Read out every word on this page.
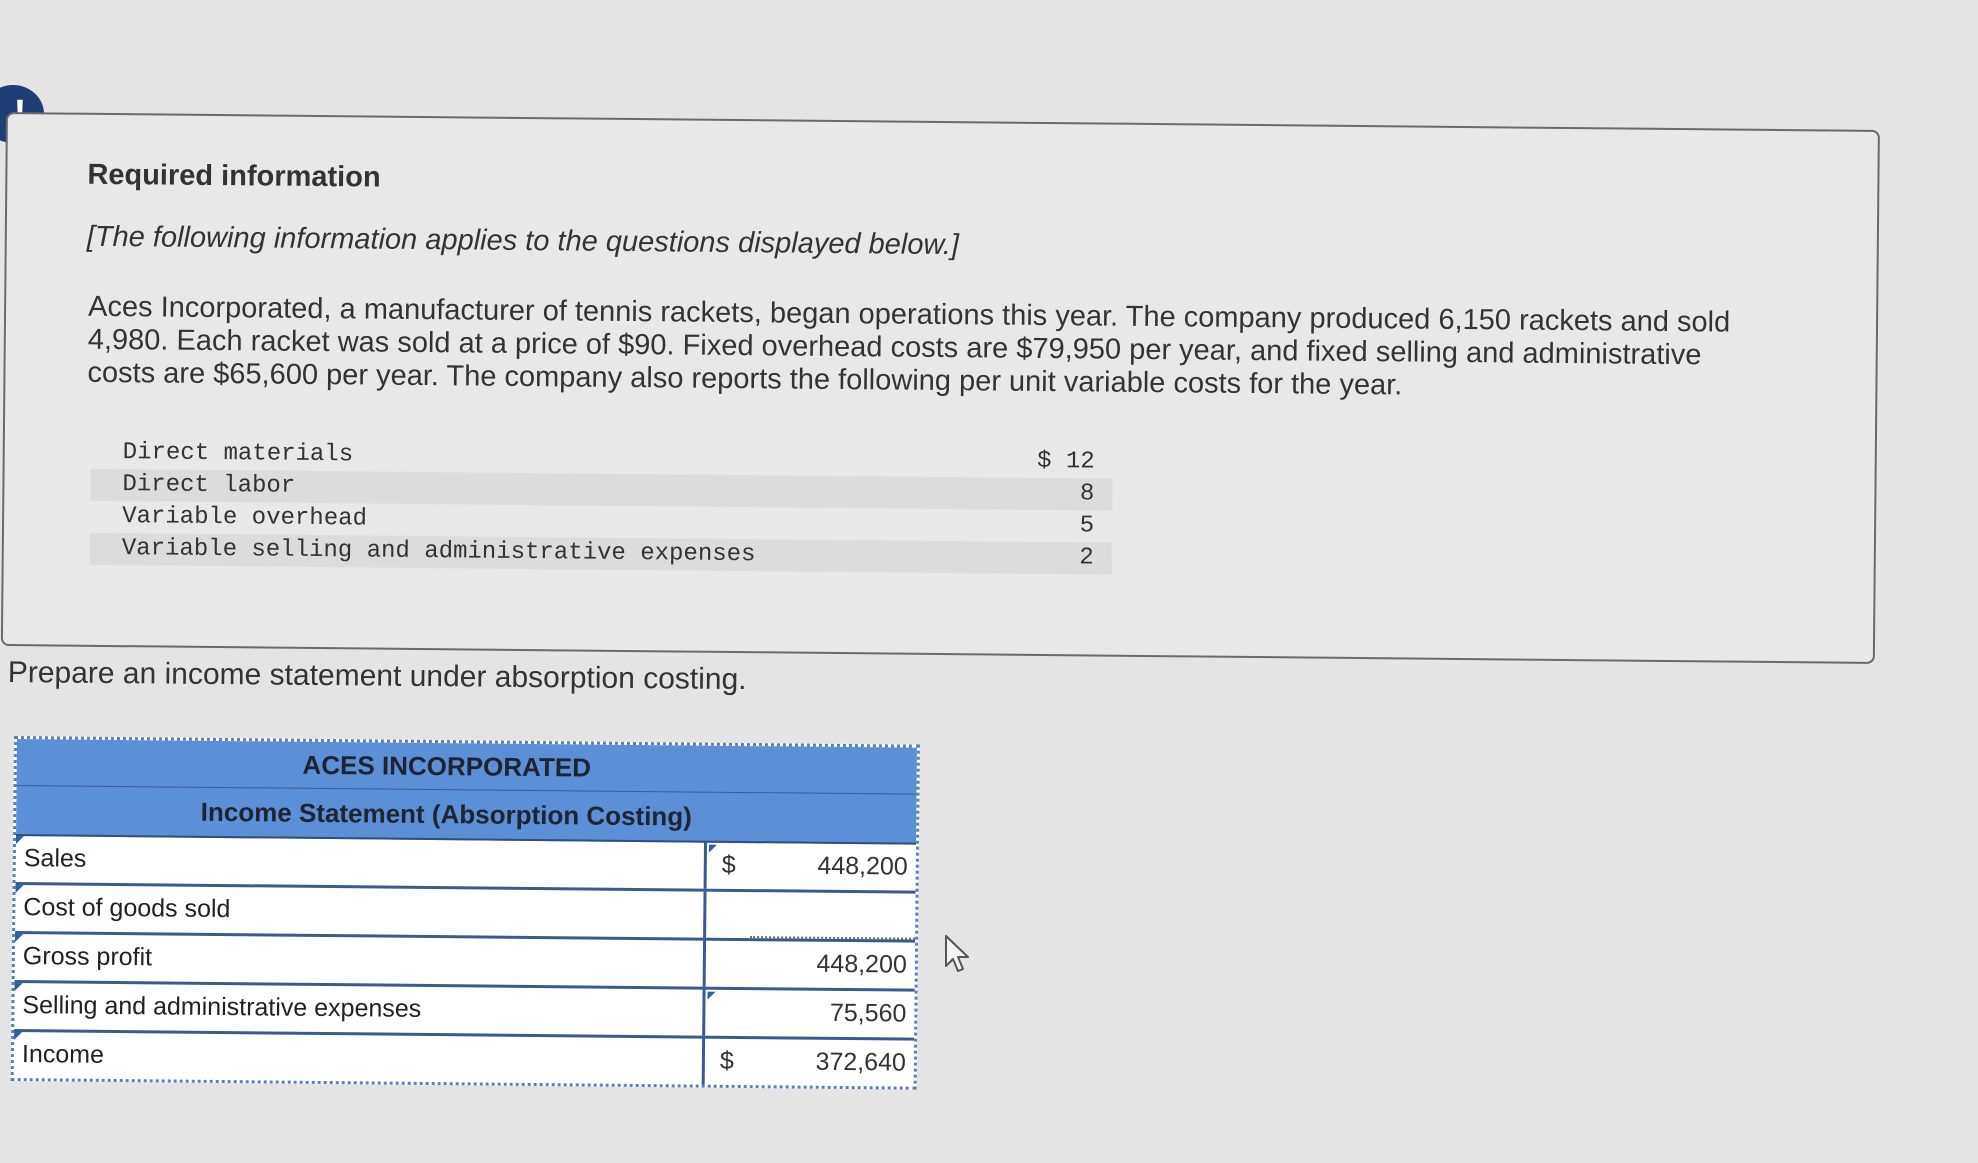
Required information
[The following information applies to the questions displayed below.]
Aces Incorporated, a manufacturer of tennis rackets, began operations this year. The company produced 6,150 rackets and sold 4,980. Each racket was sold at a price of $90. Fixed overhead costs are $79,950 per year, and fixed selling and administrative costs are $65,600 per year. The company also reports the following per unit variable costs for the year.
Direct materials	$ 12
Direct labor	8
Variable overhead	5
Variable selling and administrative expenses	2
Prepare an income statement under absorption costing.
ACES INCORPORATED
Income Statement (Absorption Costing)
Sales	$	448,200
Cost of goods sold
Gross profit	448,200
Selling and administrative expenses	75,560
Income	$	372,640
